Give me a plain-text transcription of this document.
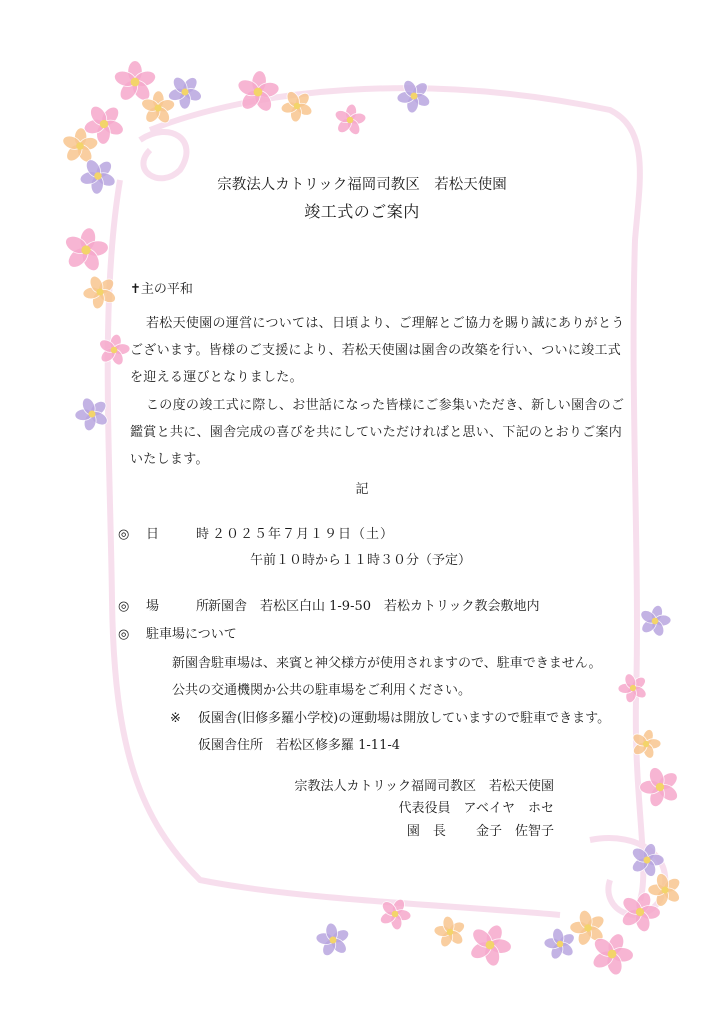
宗教法人カトリック福岡司教区　若松天使園
竣工式のご案内
✝主の平和
若松天使園の運営については、日頃より、ご理解とご協力を賜り誠にありがとう
ございます。皆様のご支援により、若松天使園は園舎の改築を行い、ついに竣工式
を迎える運びとなりました。
この度の竣工式に際し、お世話になった皆様にご参集いただき、新しい園舎のご
鑑賞と共に、園舎完成の喜びを共にしていただければと思い、下記のとおりご案内
いたします。
記
◎ 日　時
２０２５年７月１９日（土）
午前１０時から１１時３０分（予定）
◎ 場　所
新園舎　若松区白山 1-9-50　若松カトリック教会敷地内
◎ 駐車場について
新園舎駐車場は、来賓と神父様方が使用されますので、駐車できません。
公共の交通機関か公共の駐車場をご利用ください。
※ 仮園舎(旧修多羅小学校)の運動場は開放していますので駐車できます。
仮園舎住所　若松区修多羅 1-11-4
宗教法人カトリック福岡司教区　若松天使園
代表役員　アベイヤ　ホセ
園　長　　 金子　佐智子
